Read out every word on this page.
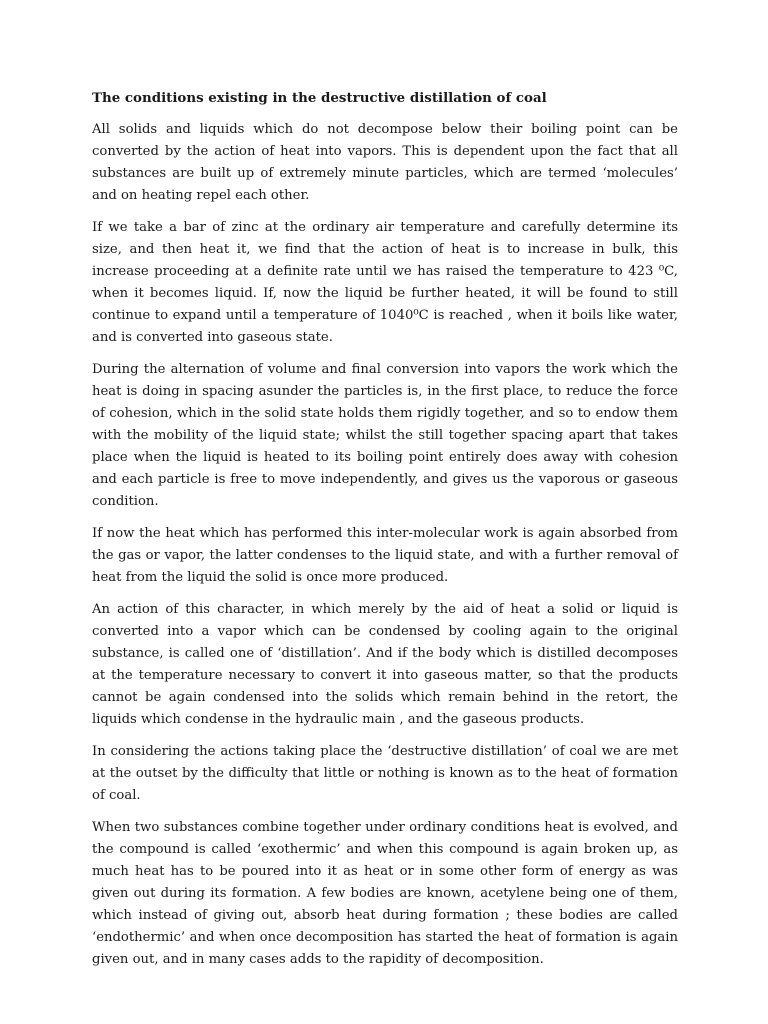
The conditions existing in the destructive distillation of coal

All solids and liquids which do not decompose below their boiling point can be converted by the action of heat into vapors. This is dependent upon the fact that all substances are built up of extremely minute particles, which are termed ‘molecules’ and on heating repel each other.

If we take a bar of zinc at the ordinary air temperature and carefully determine its size, and then heat it, we find that the action of heat is to increase in bulk, this increase proceeding at a definite rate until we has raised the temperature to 423 ⁰C, when it becomes liquid. If, now the liquid be further heated, it will be found to still continue to expand until a temperature of 1040⁰C is reached , when it boils like water, and is converted into gaseous state.

During the alternation of volume and final conversion into vapors the work which the heat is doing in spacing asunder the particles is, in the first place, to reduce the force of cohesion, which in the solid state holds them rigidly together, and so to endow them with the mobility of the liquid state; whilst the still together spacing apart that takes place when the liquid is heated to its boiling point entirely does away with cohesion and each particle is free to move independently, and gives us the vaporous or gaseous condition.

If now the heat which has performed this inter-molecular work is again absorbed from the gas or vapor, the latter condenses to the liquid state, and with a further removal of heat from the liquid the solid is once more produced.

An action of this character, in which merely by the aid of heat a solid or liquid is converted into a vapor which can be condensed by cooling again to the original substance, is called one of ‘distillation’. And if the body which is distilled decomposes at the temperature necessary to convert it into gaseous matter, so that the products cannot be again condensed into the solids which remain behind in the retort, the liquids which condense in the hydraulic main , and the gaseous products.

In considering the actions taking place the ‘destructive distillation’ of coal we are met at the outset by the difficulty that little or nothing is known as to the heat of formation of coal.

When two substances combine together under ordinary conditions heat is evolved, and the compound is called ‘exothermic’ and when this compound is again broken up, as much heat has to be poured into it as heat or in some other form of energy as was given out during its formation. A few bodies are known, acetylene being one of them, which instead of giving out, absorb heat during formation ; these bodies are called ‘endothermic’ and when once decomposition has started the heat of formation is again given out, and in many cases adds to the rapidity of decomposition.
